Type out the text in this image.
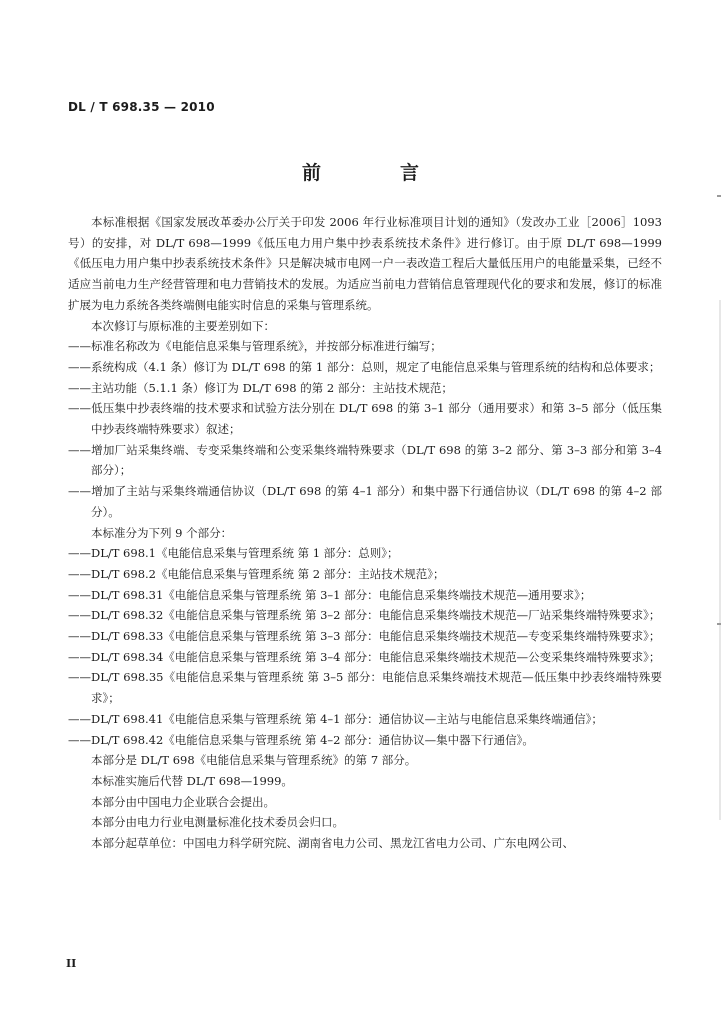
DL / T 698.35 — 2010
前　言

本标准根据《国家发展改革委办公厅关于印发 2006 年行业标准项目计划的通知》（发改办工业［2006］1093 号）的安排，对 DL/T 698—1999《低压电力用户集中抄表系统技术条件》进行修订。由于原 DL/T 698—1999《低压电力用户集中抄表系统技术条件》只是解决城市电网一户一表改造工程后大量低压用户的电能量采集，已经不适应当前电力生产经营管理和电力营销技术的发展。为适应当前电力营销信息管理现代化的要求和发展，修订的标准扩展为电力系统各类终端侧电能实时信息的采集与管理系统。

本次修订与原标准的主要差别如下：

——标准名称改为《电能信息采集与管理系统》，并按部分标准进行编写；

——系统构成（4.1 条）修订为 DL/T 698 的第 1 部分：总则，规定了电能信息采集与管理系统的结构和总体要求；

——主站功能（5.1.1 条）修订为 DL/T 698 的第 2 部分：主站技术规范；

——低压集中抄表终端的技术要求和试验方法分别在 DL/T 698 的第 3–1 部分（通用要求）和第 3–5 部分（低压集中抄表终端特殊要求）叙述；

——增加厂站采集终端、专变采集终端和公变采集终端特殊要求（DL/T 698 的第 3–2 部分、第 3–3 部分和第 3–4 部分）；

——增加了主站与采集终端通信协议（DL/T 698 的第 4–1 部分）和集中器下行通信协议（DL/T 698 的第 4–2 部分）。

本标准分为下列 9 个部分：

——DL/T 698.1《电能信息采集与管理系统 第 1 部分：总则》；

——DL/T 698.2《电能信息采集与管理系统 第 2 部分：主站技术规范》；

——DL/T 698.31《电能信息采集与管理系统 第 3–1 部分：电能信息采集终端技术规范—通用要求》；

——DL/T 698.32《电能信息采集与管理系统 第 3–2 部分：电能信息采集终端技术规范—厂站采集终端特殊要求》；

——DL/T 698.33《电能信息采集与管理系统 第 3–3 部分：电能信息采集终端技术规范—专变采集终端特殊要求》；

——DL/T 698.34《电能信息采集与管理系统 第 3–4 部分：电能信息采集终端技术规范—公变采集终端特殊要求》；

——DL/T 698.35《电能信息采集与管理系统 第 3–5 部分：电能信息采集终端技术规范—低压集中抄表终端特殊要求》；

——DL/T 698.41《电能信息采集与管理系统 第 4–1 部分：通信协议—主站与电能信息采集终端通信》；

——DL/T 698.42《电能信息采集与管理系统 第 4–2 部分：通信协议—集中器下行通信》。

本部分是 DL/T 698《电能信息采集与管理系统》的第 7 部分。

本标准实施后代替 DL/T 698—1999。

本部分由中国电力企业联合会提出。

本部分由电力行业电测量标准化技术委员会归口。

本部分起草单位：中国电力科学研究院、湖南省电力公司、黑龙江省电力公司、广东电网公司、

II
